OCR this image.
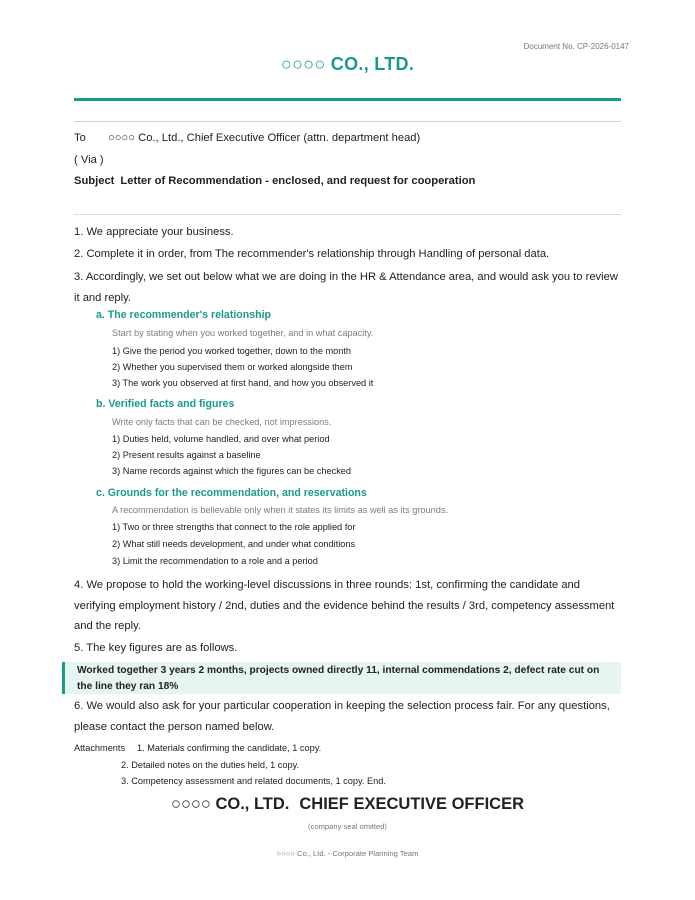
Document No. CP-2026-0147
○○○○ CO., LTD.
To ○○○○ Co., Ltd., Chief Executive Officer (attn. department head)
( Via )
Subject Letter of Recommendation - enclosed, and request for cooperation
1. We appreciate your business.
2. Complete it in order, from The recommender's relationship through Handling of personal data.
3. Accordingly, we set out below what we are doing in the HR & Attendance area, and would ask you to review it and reply.
a. The recommender's relationship
Start by stating when you worked together, and in what capacity.
1) Give the period you worked together, down to the month
2) Whether you supervised them or worked alongside them
3) The work you observed at first hand, and how you observed it
b. Verified facts and figures
Write only facts that can be checked, not impressions.
1) Duties held, volume handled, and over what period
2) Present results against a baseline
3) Name records against which the figures can be checked
c. Grounds for the recommendation, and reservations
A recommendation is believable only when it states its limits as well as its grounds.
1) Two or three strengths that connect to the role applied for
2) What still needs development, and under what conditions
3) Limit the recommendation to a role and a period
4. We propose to hold the working-level discussions in three rounds: 1st, confirming the candidate and verifying employment history / 2nd, duties and the evidence behind the results / 3rd, competency assessment and the reply.
5. The key figures are as follows.
Worked together 3 years 2 months, projects owned directly 11, internal commendations 2, defect rate cut on the line they ran 18%
6. We would also ask for your particular cooperation in keeping the selection process fair. For any questions, please contact the person named below.
Attachments 1. Materials confirming the candidate, 1 copy.
2. Detailed notes on the duties held, 1 copy.
3. Competency assessment and related documents, 1 copy. End.
○○○○ CO., LTD. CHIEF EXECUTIVE OFFICER
(company seal omitted)
○○○○ Co., Ltd. - Corporate Planning Team
